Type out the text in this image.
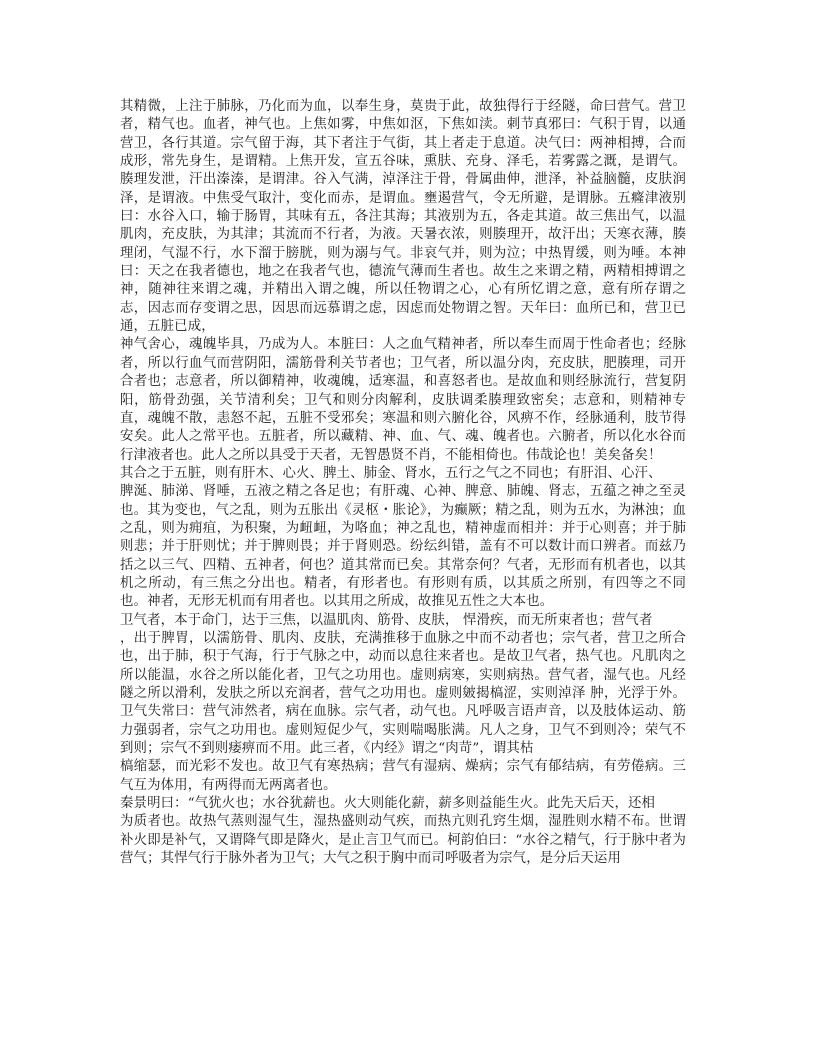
其精微，上注于肺脉，乃化而为血，以奉生身，莫贵于此，故独得行于经隧，命曰营气。营卫者，精气也。血者，神气也。上焦如雾，中焦如沤，下焦如渎。刺节真邪曰：气积于胃，以通营卫，各行其道。宗气留于海，其下者注于气街，其上者走于息道。决气曰：两神相搏，合而成形，常先身生，是谓精。上焦开发，宣五谷味，熏肤、充身、泽毛，若雾露之溉，是谓气。腠理发泄，汗出溱溱，是谓津。谷入气满，淖泽注于骨，骨属曲伸，泄泽，补益脑髓，皮肤润泽，是谓液。中焦受气取汁，变化而赤，是谓血。壅遏营气，令无所避，是谓脉。五癃津液别曰：水谷入口，输于肠胃，其味有五，各注其海；其液别为五，各走其道。故三焦出气，以温肌肉，充皮肤，为其津；其流而不行者，为液。天暑衣浓，则腠理开，故汗出；天寒衣薄，腠理闭，气湿不行，水下溜于膀胱，则为溺与气。非哀气并，则为泣；中热胃缓，则为唾。本神曰：天之在我者德也，地之在我者气也，德流气薄而生者也。故生之来谓之精，两精相搏谓之神，随神往来谓之魂，并精出入谓之魄，所以任物谓之心，心有所忆谓之意，意有所存谓之志，因志而存变谓之思，因思而远慕谓之虑，因虑而处物谓之智。天年曰：血所已和，营卫已通，五脏已成，

神气舍心，魂魄毕具，乃成为人。本脏曰：人之血气精神者，所以奉生而周于性命者也；经脉者，所以行血气而营阴阳，濡筋骨利关节者也；卫气者，所以温分肉，充皮肤，肥腠理，司开合者也；志意者，所以御精神，收魂魄，适寒温，和喜怒者也。是故血和则经脉流行，营复阴阳，筋骨劲强，关节清利矣；卫气和则分肉解利，皮肤调柔腠理致密矣；志意和，则精神专直，魂魄不散，恚怒不起，五脏不受邪矣；寒温和则六腑化谷，风痹不作，经脉通利，肢节得安矣。此人之常平也。五脏者，所以藏精、神、血、气、魂、魄者也。六腑者，所以化水谷而行津液者也。此人之所以具受于天者，无智愚贤不肖，不能相倚也。伟哉论也！美矣备矣！

其合之于五脏，则有肝木、心火、脾土、肺金、肾水，五行之气之不同也；有肝泪、心汗、

脾涎、肺涕、肾唾，五液之精之各足也；有肝魂、心神、脾意、肺魄、肾志，五蕴之神之至灵也。其为变也，气之乱，则为五胀出《灵枢・胀论》，为癫厥；精之乱，则为五水，为淋浊；血之乱，则为痈疽，为积聚，为衄衄，为咯血；神之乱也，精神虚而相并：并于心则喜；并于肺则悲；并于肝则忧；并于脾则畏；并于肾则恐。纷纭纠错，盖有不可以数计而口辨者。而兹乃括之以三气、四精、五神者，何也？道其常而已矣。其常奈何？气者，无形而有机者也，以其机之所动，有三焦之分出也。精者，有形者也。有形则有质，以其质之所别，有四等之不同也。神者，无形无机而有用者也。以其用之所成，故推见五性之大本也。

卫气者，本于命门，达于三焦，以温肌肉、筋骨、皮肤， 悍滑疾，而无所束者也；营气者

，出于脾胃，以濡筋骨、肌肉、皮肤，充满推移于血脉之中而不动者也；宗气者，营卫之所合也，出于肺，积于气海，行于气脉之中，动而以息往来者也。是故卫气者，热气也。凡肌肉之所以能温，水谷之所以能化者，卫气之功用也。虚则病寒，实则病热。营气者，湿气也。凡经隧之所以滑利，发肤之所以充润者，营气之功用也。虚则皴揭槁涩，实则淖泽 肿，光浮于外。卫气失常曰：营气沛然者，病在血脉。宗气者，动气也。凡呼吸言语声音，以及肢体运动、筋力强弱者，宗气之功用也。虚则短促少气，实则喘喝胀满。凡人之身，卫气不到则冷；荣气不到则；宗气不到则痿痹而不用。此三者，《内经》谓之“肉苛”，谓其枯

槁缩瑟，而光彩不发也。故卫气有寒热病；营气有湿病、燥病；宗气有郁结病，有劳倦病。三气互为体用，有两得而无两离者也。

秦景明曰：“气犹火也；水谷犹薪也。火大则能化薪，薪多则益能生火。此先天后天，还相

为质者也。故热气蒸则湿气生，湿热盛则动气疾，而热亢则孔窍生烟，湿胜则水精不布。世谓补火即是补气，又谓降气即是降火，是止言卫气而已。柯韵伯曰：“水谷之精气，行于脉中者为营气；其悍气行于脉外者为卫气；大气之积于胸中而司呼吸者为宗气，是分后天运用
